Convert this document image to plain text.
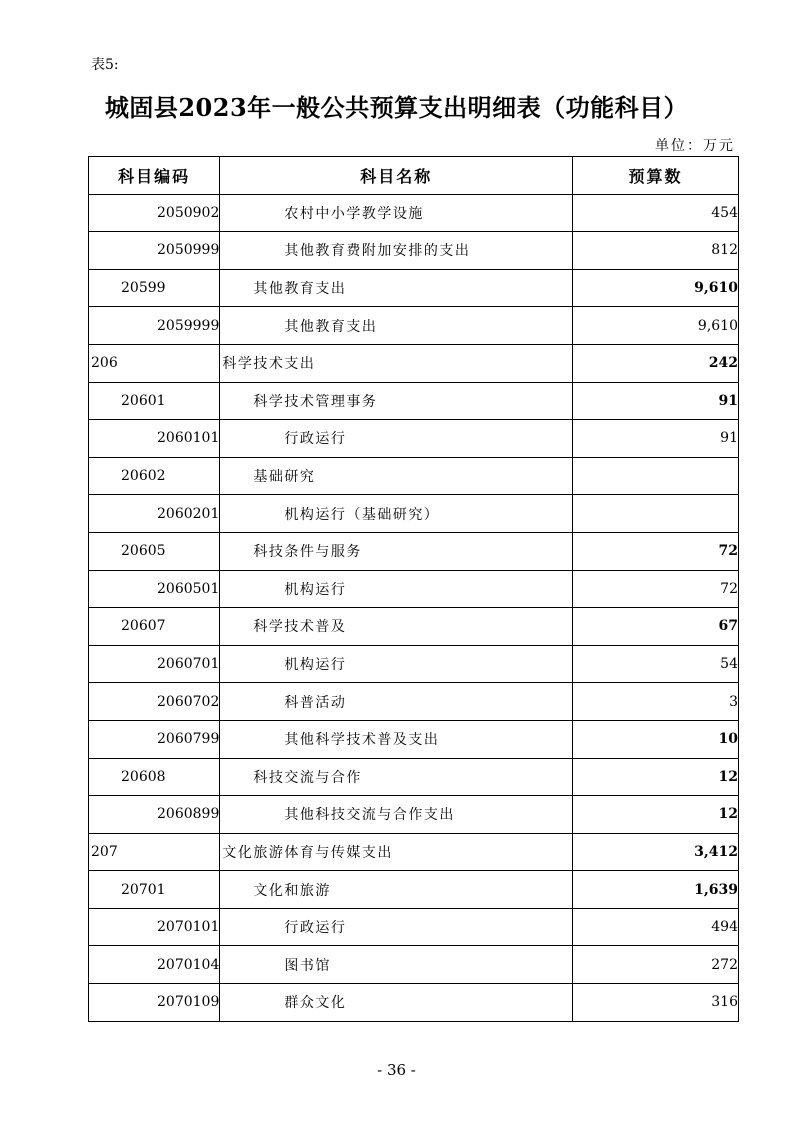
表5:
城固县2023年一般公共预算支出明细表（功能科目）
单位：万元
科目编码	科目名称	预算数
2050902	农村中小学教学设施	454
2050999	其他教育费附加安排的支出	812
20599	其他教育支出	9,610
2059999	其他教育支出	9,610
206	科学技术支出	242
20601	科学技术管理事务	91
2060101	行政运行	91
20602	基础研究	
2060201	机构运行（基础研究）	
20605	科技条件与服务	72
2060501	机构运行	72
20607	科学技术普及	67
2060701	机构运行	54
2060702	科普活动	3
2060799	其他科学技术普及支出	10
20608	科技交流与合作	12
2060899	其他科技交流与合作支出	12
207	文化旅游体育与传媒支出	3,412
20701	文化和旅游	1,639
2070101	行政运行	494
2070104	图书馆	272
2070109	群众文化	316
- 36 -
